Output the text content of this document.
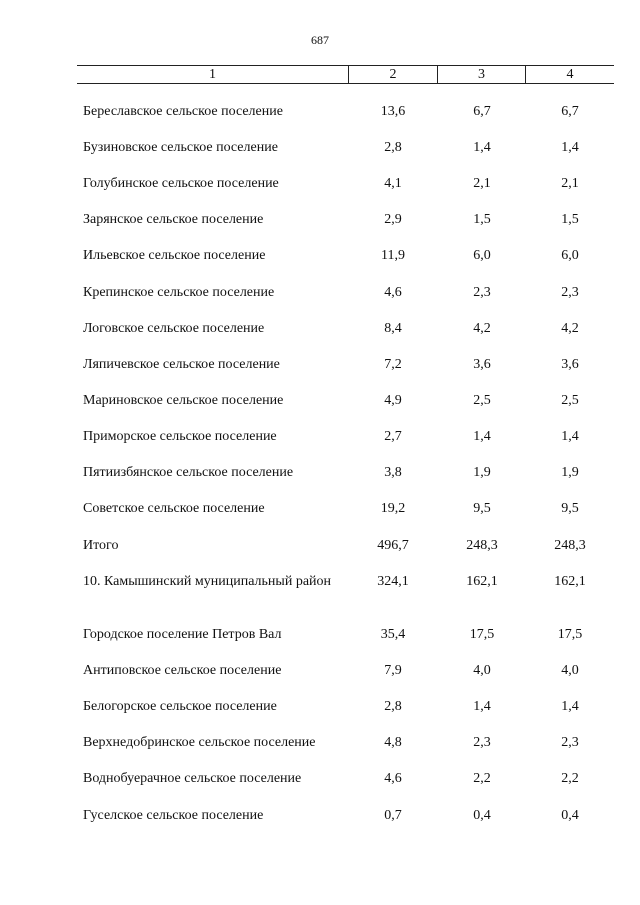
687
1	2	3	4
Береславское сельское поселение	13,6	6,7	6,7
Бузиновское сельское поселение	2,8	1,4	1,4
Голубинское сельское поселение	4,1	2,1	2,1
Зарянское сельское поселение	2,9	1,5	1,5
Ильевское сельское поселение	11,9	6,0	6,0
Крепинское сельское поселение	4,6	2,3	2,3
Логовское сельское поселение	8,4	4,2	4,2
Ляпичевское сельское поселение	7,2	3,6	3,6
Мариновское сельское поселение	4,9	2,5	2,5
Приморское сельское поселение	2,7	1,4	1,4
Пятиизбянское сельское поселение	3,8	1,9	1,9
Советское сельское поселение	19,2	9,5	9,5
Итого	496,7	248,3	248,3
10. Камышинский муниципальный район	324,1	162,1	162,1
Городское поселение Петров Вал	35,4	17,5	17,5
Антиповское сельское поселение	7,9	4,0	4,0
Белогорское сельское поселение	2,8	1,4	1,4
Верхнедобринское сельское поселение	4,8	2,3	2,3
Воднобуерачное сельское поселение	4,6	2,2	2,2
Гуселское сельское поселение	0,7	0,4	0,4
